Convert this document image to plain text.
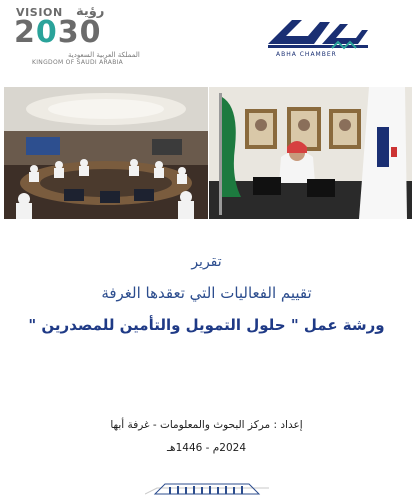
VISION رؤية
2030
المملكة العربية السعودية
KINGDOM OF SAUDI ARABIA
ABHA CHAMBER
تقرير
تقييم الفعاليات التي تعقدها الغرفة
ورشة عمل " حلول التمويل والتأمين للمصدرين "
إعداد : مركز البحوث والمعلومات - غرفة أبها
2024م - 1446هـ
